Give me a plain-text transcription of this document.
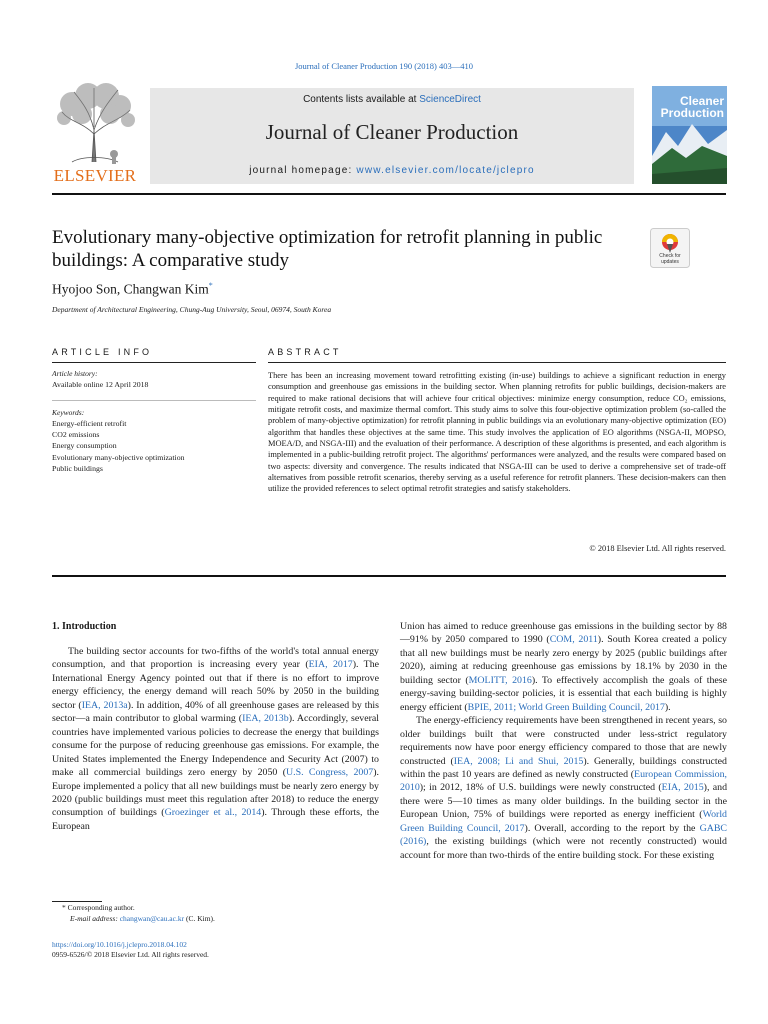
Journal of Cleaner Production 190 (2018) 403—410
ELSEVIER
Contents lists available at ScienceDirect
Journal of Cleaner Production
journal homepage: www.elsevier.com/locate/jclepro
Cleaner
Production
Evolutionary many-objective optimization for retrofit planning in public buildings: A comparative study	Check for
updates
Hyojoo Son, Changwan Kim*
Department of Architectural Engineering, Chung-Aug University, Seoul, 06974, South Korea
ARTICLE INFO	ABSTRACT
Article history:
Available online 12 April 2018
Keywords:
Energy-efficient retrofit
CO2 emissions
Energy consumption
Evolutionary many-objective optimization
Public buildings
There has been an increasing movement toward retrofitting existing (in-use) buildings to achieve a significant reduction in energy consumption and greenhouse gas emissions in the building sector. When planning retrofits for public buildings, decision-makers are required to make rational decisions that will achieve four critical objectives: minimize energy consumption, reduce CO₂ emissions, mitigate retrofit costs, and maximize thermal comfort. This study aims to solve this four-objective optimization problem (so-called the problem of many-objective optimization) for retrofit planning in public buildings via an evolutionary many-objective optimization (EO) algorithm that handles these objectives at the same time. This study involves the application of EO algorithms (NSGA-II, MOPSO, MOEA/D, and NSGA-III) and the evaluation of their performance. A description of these algorithms is presented, and each algorithm is implemented in a public-building retrofit project. The algorithms' performances were analyzed, and the results were compared based on two aspects: diversity and convergence. The results indicated that NSGA-III can be used to derive a comprehensive set of trade-off alternatives from possible retrofit scenarios, thereby serving as a useful reference for retrofit planners. These decision-makers can then utilize the provided references to select optimal retrofit strategies and satisfy stakeholders.
© 2018 Elsevier Ltd. All rights reserved.
1. Introduction

The building sector accounts for two-fifths of the world's total annual energy consumption, and that proportion is increasing every year (EIA, 2017). The International Energy Agency pointed out that if there is no effort to improve energy efficiency, the energy demand will reach 50% by 2050 in the building sector (IEA, 2013a). In addition, 40% of all greenhouse gases are released by this sector—a main contributor to global warming (IEA, 2013b). Accordingly, several countries have implemented various policies to decrease the energy that buildings consume for the purpose of reducing greenhouse gas emissions. For example, the United States implemented the Energy Independence and Security Act (2007) to make all commercial buildings zero energy by 2050 (U.S. Congress, 2007). Europe implemented a policy that all new buildings must be nearly zero energy by 2020 (public buildings must meet this regulation after 2018) to reduce the energy consumption of buildings (Groezinger et al., 2014). Through these efforts, the European

Union has aimed to reduce greenhouse gas emissions in the building sector by 88—91% by 2050 compared to 1990 (COM, 2011). South Korea created a policy that all new buildings must be nearly zero energy by 2025 (public buildings after 2020), aiming at reducing greenhouse gas emissions by 18.1% by 2030 in the building sector (MOLITT, 2016). To effectively accomplish the goals of these energy-saving building-sector policies, it is essential that each building is highly energy efficient (BPIE, 2011; World Green Building Council, 2017).

The energy-efficiency requirements have been strengthened in recent years, so older buildings built that were constructed under less-strict regulatory requirements now have poor energy efficiency compared to those that are newly constructed (IEA, 2008; Li and Shui, 2015). Generally, buildings constructed within the past 10 years are defined as newly constructed (European Commission, 2010); in 2012, 18% of U.S. buildings were newly constructed (EIA, 2015), and there were 5—10 times as many older buildings. In the building sector in the European Union, 75% of buildings were reported as energy inefficient (World Green Building Council, 2017). Overall, according to the report by the GABC (2016), the existing buildings (which were not recently constructed) would account for more than two-thirds of the entire building stock. For these existing

* Corresponding author.
E-mail address: changwan@cau.ac.kr (C. Kim).
https://doi.org/10.1016/j.jclepro.2018.04.102
0959-6526/© 2018 Elsevier Ltd. All rights reserved.
